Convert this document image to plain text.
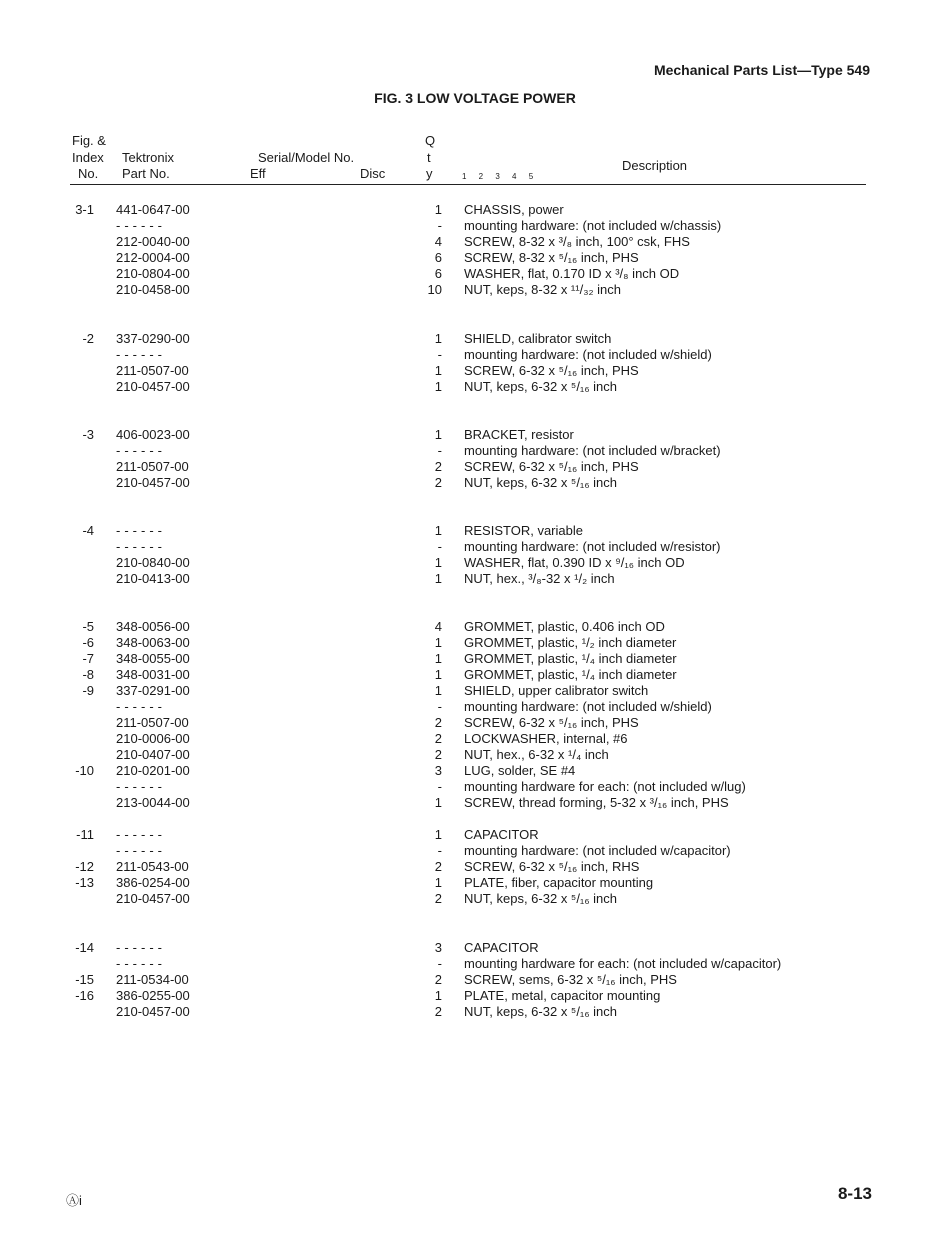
Mechanical Parts List—Type 549
FIG. 3 LOW VOLTAGE POWER
Fig. &
Index
No.
Tektronix
Part No.
Serial/Model No.
Eff	Disc
Q
t
y	1 2 3 4 5
Description
3-1 441-0647-00	1 CHASSIS, power
------	- mounting hardware: (not included w/chassis)
212-0040-00	4 SCREW, 8-32 x ³/₈ inch, 100° csk, FHS
212-0004-00	6 SCREW, 8-32 x ⁵/₁₆ inch, PHS
210-0804-00	6 WASHER, flat, 0.170 ID x ³/₈ inch OD
210-0458-00	10 NUT, keps, 8-32 x ¹¹/₃₂ inch
-2 337-0290-00	1 SHIELD, calibrator switch
------	- mounting hardware: (not included w/shield)
211-0507-00	1 SCREW, 6-32 x ⁵/₁₆ inch, PHS
210-0457-00	1 NUT, keps, 6-32 x ⁵/₁₆ inch
-3 406-0023-00	1 BRACKET, resistor
------	- mounting hardware: (not included w/bracket)
211-0507-00	2 SCREW, 6-32 x ⁵/₁₆ inch, PHS
210-0457-00	2 NUT, keps, 6-32 x ⁵/₁₆ inch
-4 ------	1 RESISTOR, variable
------	- mounting hardware: (not included w/resistor)
210-0840-00	1 WASHER, flat, 0.390 ID x ⁹/₁₆ inch OD
210-0413-00	1 NUT, hex., ³/₈-32 x ¹/₂ inch
-5 348-0056-00	4 GROMMET, plastic, 0.406 inch OD
-6 348-0063-00	1 GROMMET, plastic, ¹/₂ inch diameter
-7 348-0055-00	1 GROMMET, plastic, ¹/₄ inch diameter
-8 348-0031-00	1 GROMMET, plastic, ¹/₄ inch diameter
-9 337-0291-00	1 SHIELD, upper calibrator switch
------	- mounting hardware: (not included w/shield)
211-0507-00	2 SCREW, 6-32 x ⁵/₁₆ inch, PHS
210-0006-00	2 LOCKWASHER, internal, #6
210-0407-00	2 NUT, hex., 6-32 x ¹/₄ inch
-10 210-0201-00	3 LUG, solder, SE #4
------	- mounting hardware for each: (not included w/lug)
213-0044-00	1 SCREW, thread forming, 5-32 x ³/₁₆ inch, PHS
-11 ------	1 CAPACITOR
------	- mounting hardware: (not included w/capacitor)
-12 211-0543-00	2 SCREW, 6-32 x ⁵/₁₆ inch, RHS
-13 386-0254-00	1 PLATE, fiber, capacitor mounting
210-0457-00	2 NUT, keps, 6-32 x ⁵/₁₆ inch
-14 ------	3 CAPACITOR
------	- mounting hardware for each: (not included w/capacitor)
-15 211-0534-00	2 SCREW, sems, 6-32 x ⁵/₁₆ inch, PHS
-16 386-0255-00	1 PLATE, metal, capacitor mounting
210-0457-00	2 NUT, keps, 6-32 x ⁵/₁₆ inch
Ⓐi	8-13
